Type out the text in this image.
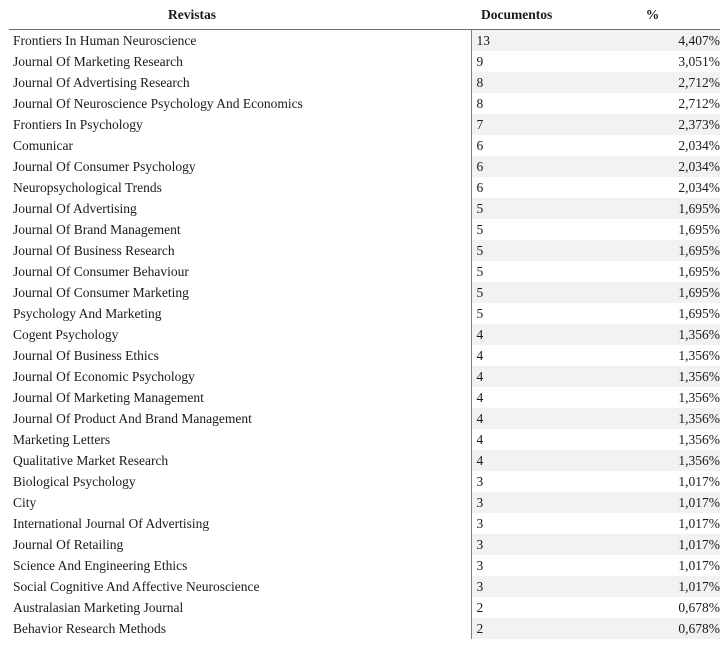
Revistas	Documentos	%
Frontiers In Human Neuroscience	13	4,407%
Journal Of Marketing Research	9	3,051%
Journal Of Advertising Research	8	2,712%
Journal Of Neuroscience Psychology And Economics	8	2,712%
Frontiers In Psychology	7	2,373%
Comunicar	6	2,034%
Journal Of Consumer Psychology	6	2,034%
Neuropsychological Trends	6	2,034%
Journal Of Advertising	5	1,695%
Journal Of Brand Management	5	1,695%
Journal Of Business Research	5	1,695%
Journal Of Consumer Behaviour	5	1,695%
Journal Of Consumer Marketing	5	1,695%
Psychology And Marketing	5	1,695%
Cogent Psychology	4	1,356%
Journal Of Business Ethics	4	1,356%
Journal Of Economic Psychology	4	1,356%
Journal Of Marketing Management	4	1,356%
Journal Of Product And Brand Management	4	1,356%
Marketing Letters	4	1,356%
Qualitative Market Research	4	1,356%
Biological Psychology	3	1,017%
City	3	1,017%
International Journal Of Advertising	3	1,017%
Journal Of Retailing	3	1,017%
Science And Engineering Ethics	3	1,017%
Social Cognitive And Affective Neuroscience	3	1,017%
Australasian Marketing Journal	2	0,678%
Behavior Research Methods	2	0,678%
